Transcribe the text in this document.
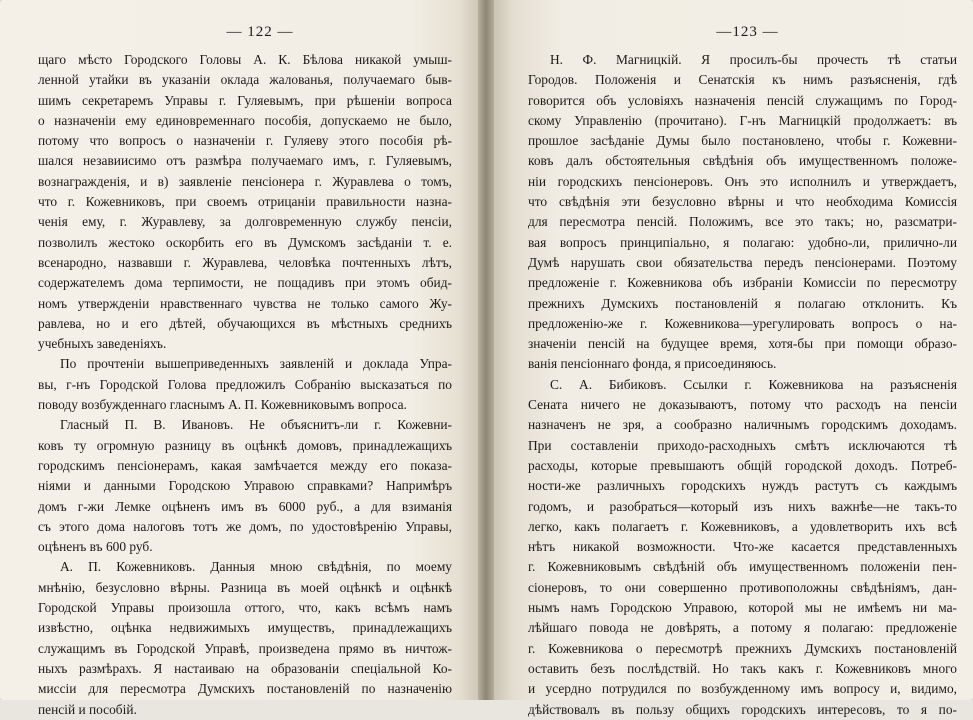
— 122 —
щаго мѣсто Городского Головы А. К. Бѣлова никакой умыш-
ленной утайки въ указаніи оклада жалованья, получаемаго быв-
шимъ секретаремъ Управы г. Гуляевымъ, при рѣшеніи вопроса
о назначеніи ему единовременнаго пособія, допускаемо не было,
потому что вопросъ о назначеніи г. Гуляеву этого пособія рѣ-
шался незавиисимо отъ размѣра получаемаго имъ, г. Гуляевымъ,
вознагражденія, и в) заявленіе пенсіонера г. Журавлева о томъ,
что г. Кожевниковъ, при своемъ отрицаніи правильности назна-
ченія ему, г. Журавлеву, за долговременную службу пенсіи,
позволилъ жестоко оскорбить его въ Думскомъ засѣданіи т. е.
всенародно, назвавши г. Журавлева, человѣка почтенныхъ лѣтъ,
содержателемъ дома терпимости, не пощадивъ при этомъ обид-
номъ утвержденіи нравственнаго чувства не только самого Жу-
равлева, но и его дѣтей, обучающихся въ мѣстныхъ среднихъ
учебныхъ заведеніяхъ.
По прочтеніи вышеприведенныхъ заявленій и доклада Упра-
вы, г-нъ Городской Голова предложилъ Собранію высказаться по
поводу возбужденнаго гласнымъ А. П. Кожевниковымъ вопроса.
Гласный П. В. Ивановъ. Не объяснитъ-ли г. Кожевни-
ковъ ту огромную разницу въ оцѣнкѣ домовъ, принадлежащихъ
городскимъ пенсіонерамъ, какая замѣчается между его показа-
ніями и данными Городскою Управою справками? Напримѣръ
домъ г-жи Лемке оцѣненъ имъ въ 6000 руб., а для взиманія
съ этого дома налоговъ тотъ же домъ, по удостовѣренію Управы,
оцѣненъ въ 600 руб.
А. П. Кожевниковъ. Данныя мною свѣдѣнія, по моему
мнѣнію, безусловно вѣрны. Разница въ моей оцѣнкѣ и оцѣнкѣ
Городской Управы произошла оттого, что, какъ всѣмъ намъ
извѣстно, оцѣнка недвижимыхъ имуществъ, принадлежащихъ
служащимъ въ Городской Управѣ, произведена прямо въ ничтож-
ныхъ размѣрахъ. Я настаиваю на образованіи спеціальной Ко-
миссіи для пересмотра Думскихъ постановленій по назначенію
пенсій и пособій.
—123 —
Н. Ф. Магницкій. Я просилъ-бы прочесть тѣ статьи
Городов. Положенія и Сенатскія къ нимъ разъясненія, гдѣ
говорится объ условіяхъ назначенія пенсій служащимъ по Город-
скому Управленію (прочитано). Г-нъ Магницкій продолжаетъ: въ
прошлое засѣданіе Думы было постановлено, чтобы г. Кожевни-
ковъ далъ обстоятельныя свѣдѣнія объ имущественномъ положе-
ніи городскихъ пенсіонеровъ. Онъ это исполнилъ и утверждаетъ,
что свѣдѣнія эти безусловно вѣрны и что необходима Комиссія
для пересмотра пенсій. Положимъ, все это такъ; но, разсматри-
вая вопросъ принципіально, я полагаю: удобно-ли, прилично-ли
Думѣ нарушать свои обязательства передъ пенсіонерами. Поэтому
предложеніе г. Кожевникова объ избраніи Комиссіи по пересмотру
прежнихъ Думскихъ постановленій я полагаю отклонить. Къ
предложенію-же г. Кожевникова—урегулировать вопросъ о на-
значеніи пенсій на будущее время, хотя-бы при помощи образо-
ванія пенсіоннаго фонда, я присоединяюсь.
С. А. Бибиковъ. Ссылки г. Кожевникова на разъясненія
Сената ничего не доказываютъ, потому что расходъ на пенсіи
назначенъ не зря, а сообразно наличнымъ городскимъ доходамъ.
При составленіи приходо-расходныхъ смѣтъ исключаются тѣ
расходы, которые превышаютъ общій городской доходъ. Потреб-
ности-же различныхъ городскихъ нуждъ растутъ съ каждымъ
годомъ, и разобраться—который изъ нихъ важнѣе—не такъ-то
легко, какъ полагаетъ г. Кожевниковъ, а удовлетворить ихъ всѣ
нѣтъ никакой возможности. Что-же касается представленныхъ
г. Кожевниковымъ свѣдѣній объ имущественномъ положеніи пен-
сіонеровъ, то они совершенно противоположны свѣдѣніямъ, дан-
нымъ намъ Городскою Управою, которой мы не имѣемъ ни ма-
лѣйшаго повода не довѣрять, а потому я полагаю: предложеніе
г. Кожевникова о пересмотрѣ прежнихъ Думскихъ постановленій
оставить безъ послѣдствій. Но такъ какъ г. Кожевниковъ много
и усердно потрудился по возбужденному имъ вопросу и, видимо,
дѣйствовалъ въ пользу общихъ городскихъ интересовъ, то я по-
